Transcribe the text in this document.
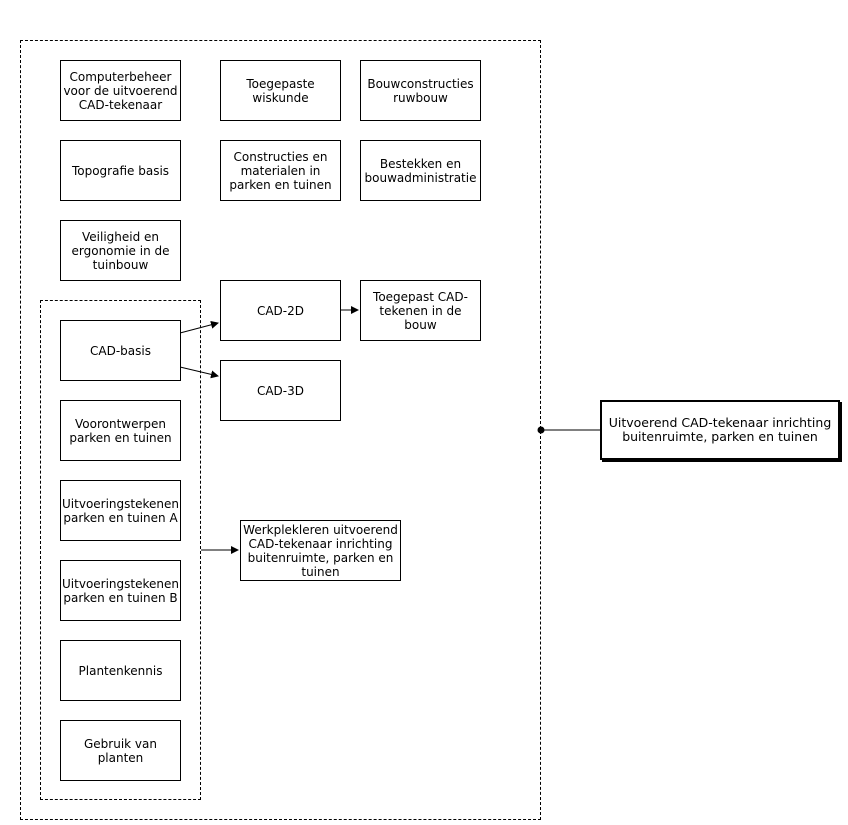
Computerbeheer
voor de uitvoerend
CAD-tekenaar
Toegepaste
wiskunde
Bouwconstructies
ruwbouw
Topografie basis
Constructies en
materialen in
parken en tuinen
Bestekken en
bouwadministratie
Veiligheid en
ergonomie in de
tuinbouw
CAD-basis
CAD-2D
Toegepast CAD-
tekenen in de
bouw
CAD-3D
Voorontwerpen
parken en tuinen
Uitvoeringstekenen
parken en tuinen A
Uitvoeringstekenen
parken en tuinen B
Plantenkennis
Gebruik van
planten
Werkplekleren uitvoerend
CAD-tekenaar inrichting
buitenruimte, parken en
tuinen
Uitvoerend CAD-tekenaar inrichting
buitenruimte, parken en tuinen
